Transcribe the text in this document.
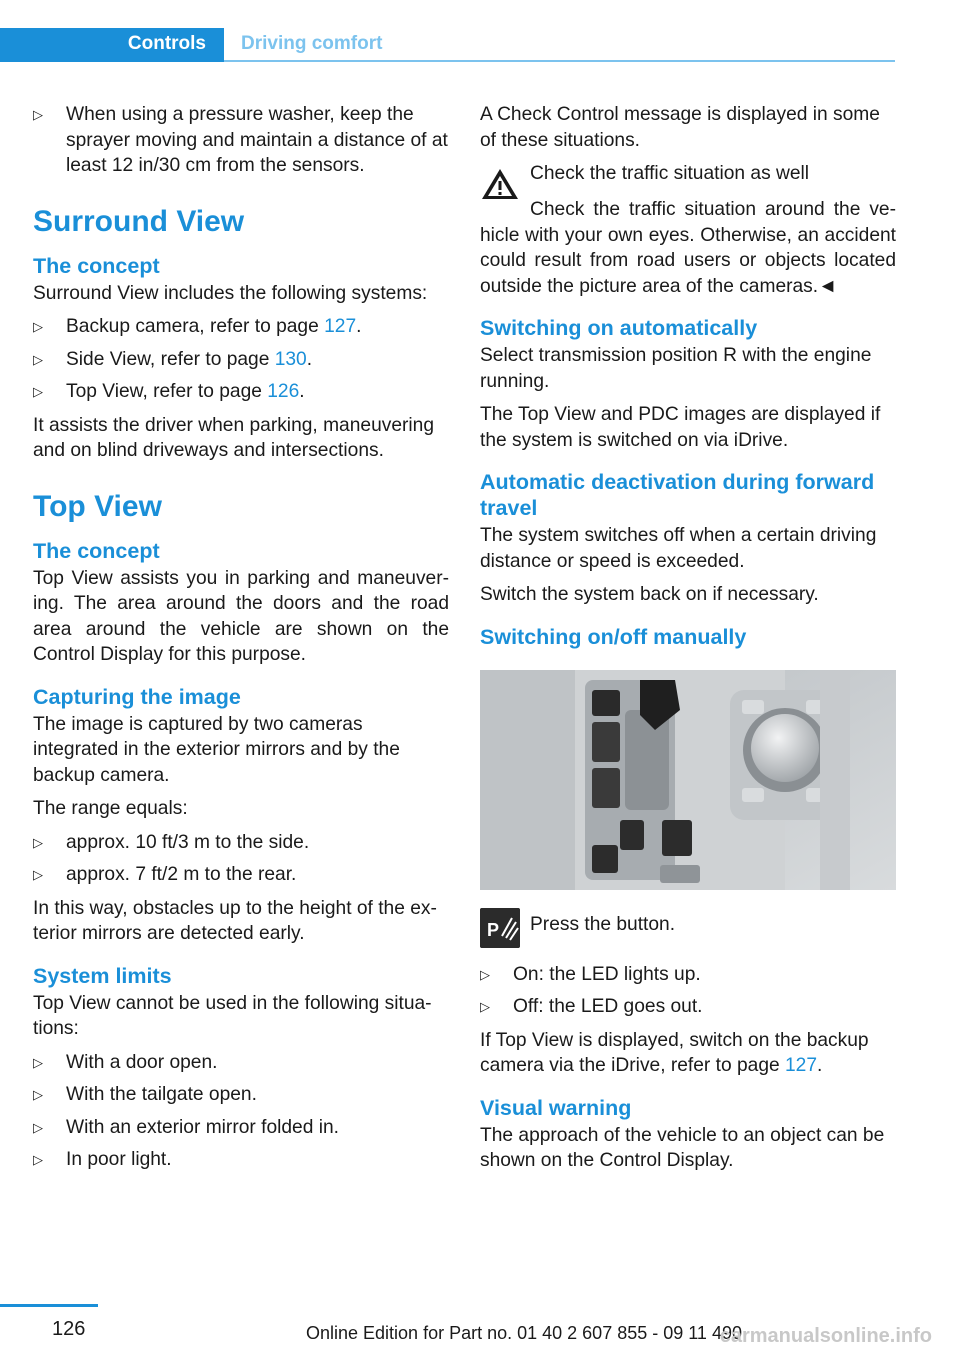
Controls Driving comfort
▷ When using a pressure washer, keep the sprayer moving and maintain a distance of at least 12 in/30 cm from the sensors.
Surround View
The concept

Surround View includes the following systems:

▷ Backup camera, refer to page 127.
▷ Side View, refer to page 130.
▷ Top View, refer to page 126.

It assists the driver when parking, maneuvering and on blind driveways and intersections.

Top View
The concept

Top View assists you in parking and maneuver-ing. The area around the doors and the road area around the vehicle are shown on the Control Display for this purpose.

Capturing the image

The image is captured by two cameras integrated in the exterior mirrors and by the backup camera.

The range equals:

▷ approx. 10 ft/3 m to the side.
▷ approx. 7 ft/2 m to the rear.

In this way, obstacles up to the height of the ex-terior mirrors are detected early.

System limits

Top View cannot be used in the following situa-tions:

▷ With a door open.
▷ With the tailgate open.
▷ With an exterior mirror folded in.
▷ In poor light.

A Check Control message is displayed in some of these situations.

Check the traffic situation as well

Check the traffic situation around the ve-hicle with your own eyes. Otherwise, an accident could result from road users or objects located outside the picture area of the cameras.◄

Switching on automatically

Select transmission position R with the engine running.

The Top View and PDC images are displayed if the system is switched on via iDrive.

Automatic deactivation during forward travel

The system switches off when a certain driving distance or speed is exceeded.

Switch the system back on if necessary.

Switching on/off manually
P Press the button.
▷ On: the LED lights up.
▷ Off: the LED goes out.

If Top View is displayed, switch on the backup camera via the iDrive, refer to page 127.

Visual warning

The approach of the vehicle to an object can be shown on the Control Display.

126	Online Edition for Part no. 01 40 2 607 855 - 09 11 490
carmanualsonline.info
